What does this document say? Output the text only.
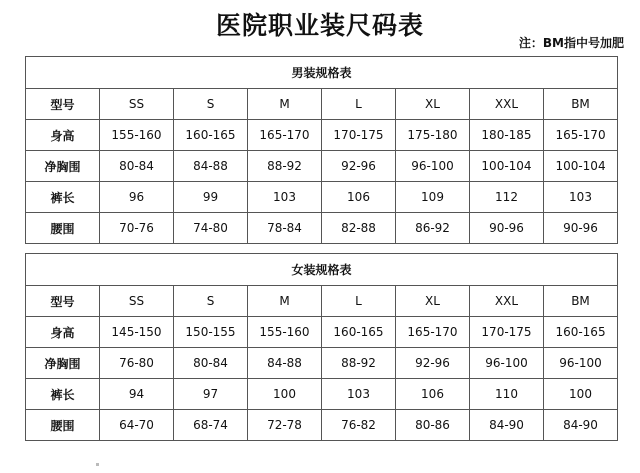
医院职业装尺码表
注：BM指中号加肥
男装规格表							
型号	SS	S	M	L	XL	XXL	BM
身高	155-160	160-165	165-170	170-175	175-180	180-185	165-170
净胸围	80-84	84-88	88-92	92-96	96-100	100-104	100-104
裤长	96	99	103	106	109	112	103
腰围	70-76	74-80	78-84	82-88	86-92	90-96	90-96
女装规格表							
型号	SS	S	M	L	XL	XXL	BM
身高	145-150	150-155	155-160	160-165	165-170	170-175	160-165
净胸围	76-80	80-84	84-88	88-92	92-96	96-100	96-100
裤长	94	97	100	103	106	110	100
腰围	64-70	68-74	72-78	76-82	80-86	84-90	84-90
